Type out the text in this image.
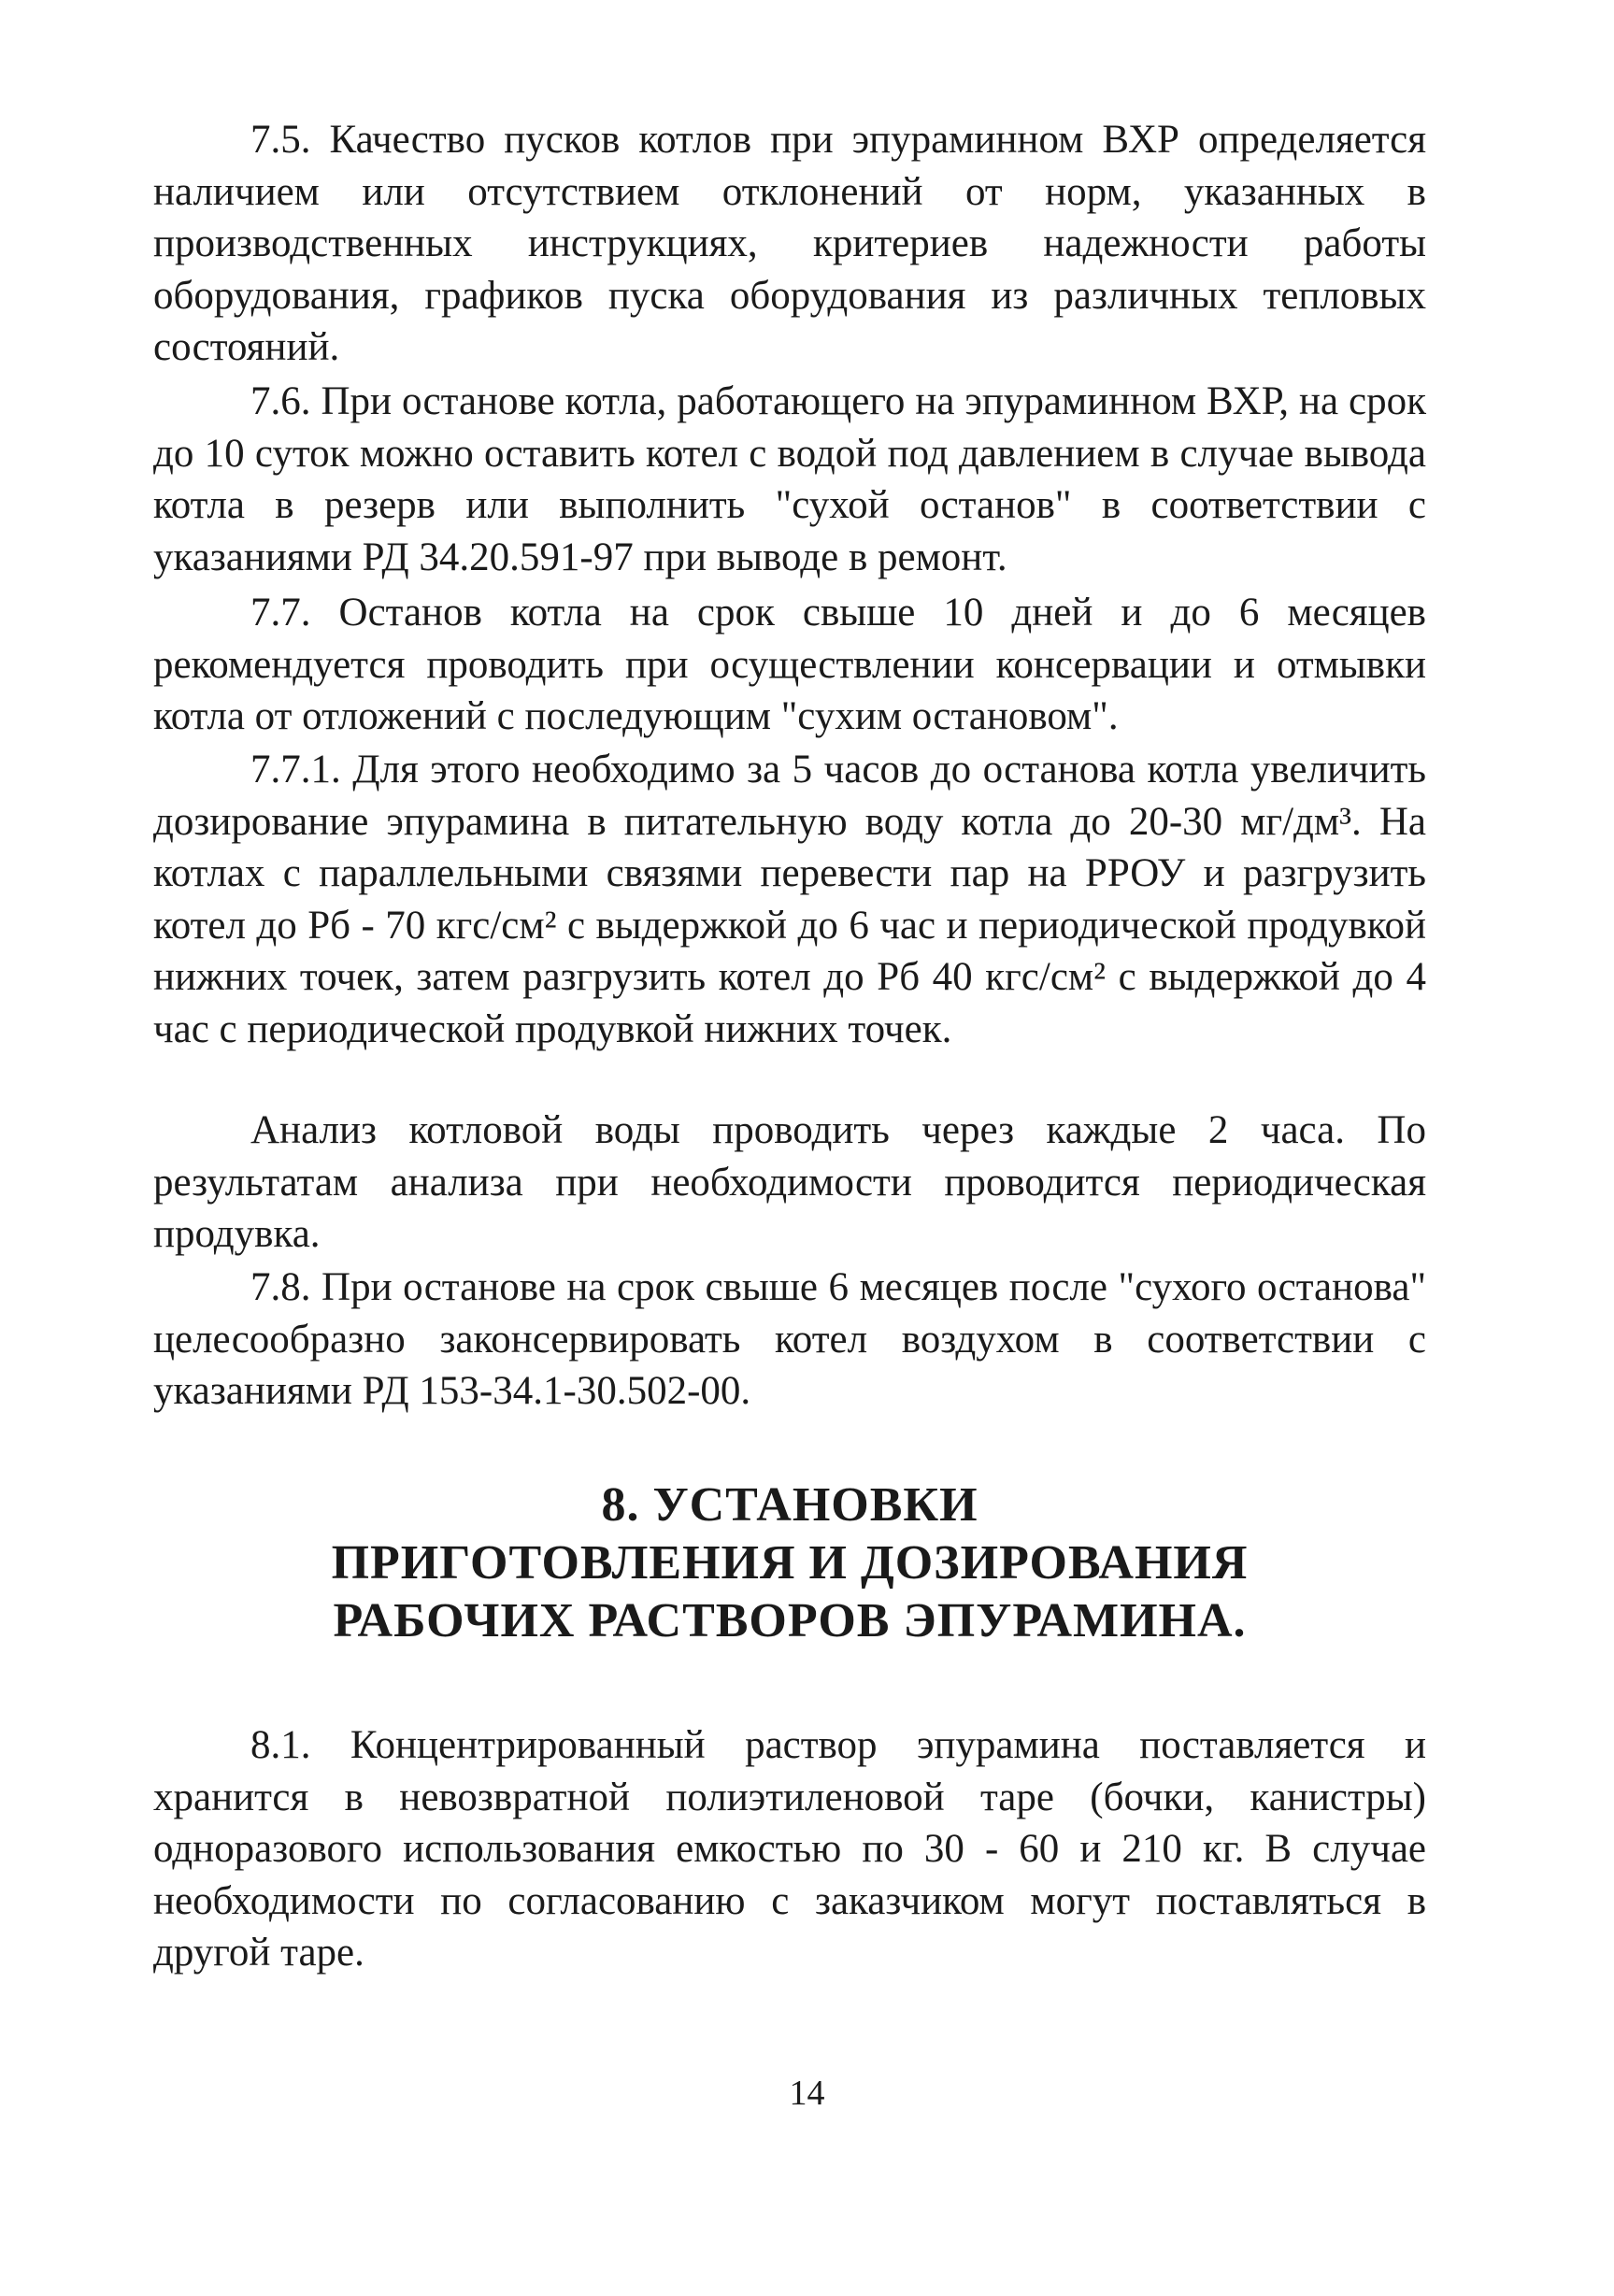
7.5. Качество пусков котлов при эпураминном ВХР определяется наличием или отсутствием отклонений от норм, указанных в производственных инструкциях, критериев надежности работы оборудования, графиков пуска оборудования из различных тепловых состояний.

7.6. При останове котла, работающего на эпураминном ВХР, на срок до 10 суток можно оставить котел с водой под давлением в случае вывода котла в резерв или выполнить "сухой останов" в соответствии с указаниями РД 34.20.591-97 при выводе в ремонт.

7.7. Останов котла на срок свыше 10 дней и до 6 месяцев рекомендуется проводить при осуществлении консервации и отмывки котла от отложений с последующим "сухим остановом".

7.7.1. Для этого необходимо за 5 часов до останова котла увеличить дозирование эпурамина в питательную воду котла до 20-30 мг/дм³. На котлах с параллельными связями перевести пар на РРОУ и разгрузить котел до Pб - 70 кгс/см² с выдержкой до 6 час и периодической продувкой нижних точек, затем разгрузить котел до Pб 40 кгс/см² с выдержкой до 4 час с периодической продувкой нижних точек.

Анализ котловой воды проводить через каждые 2 часа. По результатам анализа при необходимости проводится периодическая продувка.

7.8. При останове на срок свыше 6 месяцев после "сухого останова" целесообразно законсервировать котел воздухом в соответствии с указаниями РД 153-34.1-30.502-00.

8. УСТАНОВКИ
ПРИГОТОВЛЕНИЯ И ДОЗИРОВАНИЯ
РАБОЧИХ РАСТВОРОВ ЭПУРАМИНА.

8.1. Концентрированный раствор эпурамина поставляется и хранится в невозвратной полиэтиленовой таре (бочки, канистры) одноразового использования емкостью по 30 - 60 и 210 кг. В случае необходимости по согласованию с заказчиком могут поставляться в другой таре.

14
